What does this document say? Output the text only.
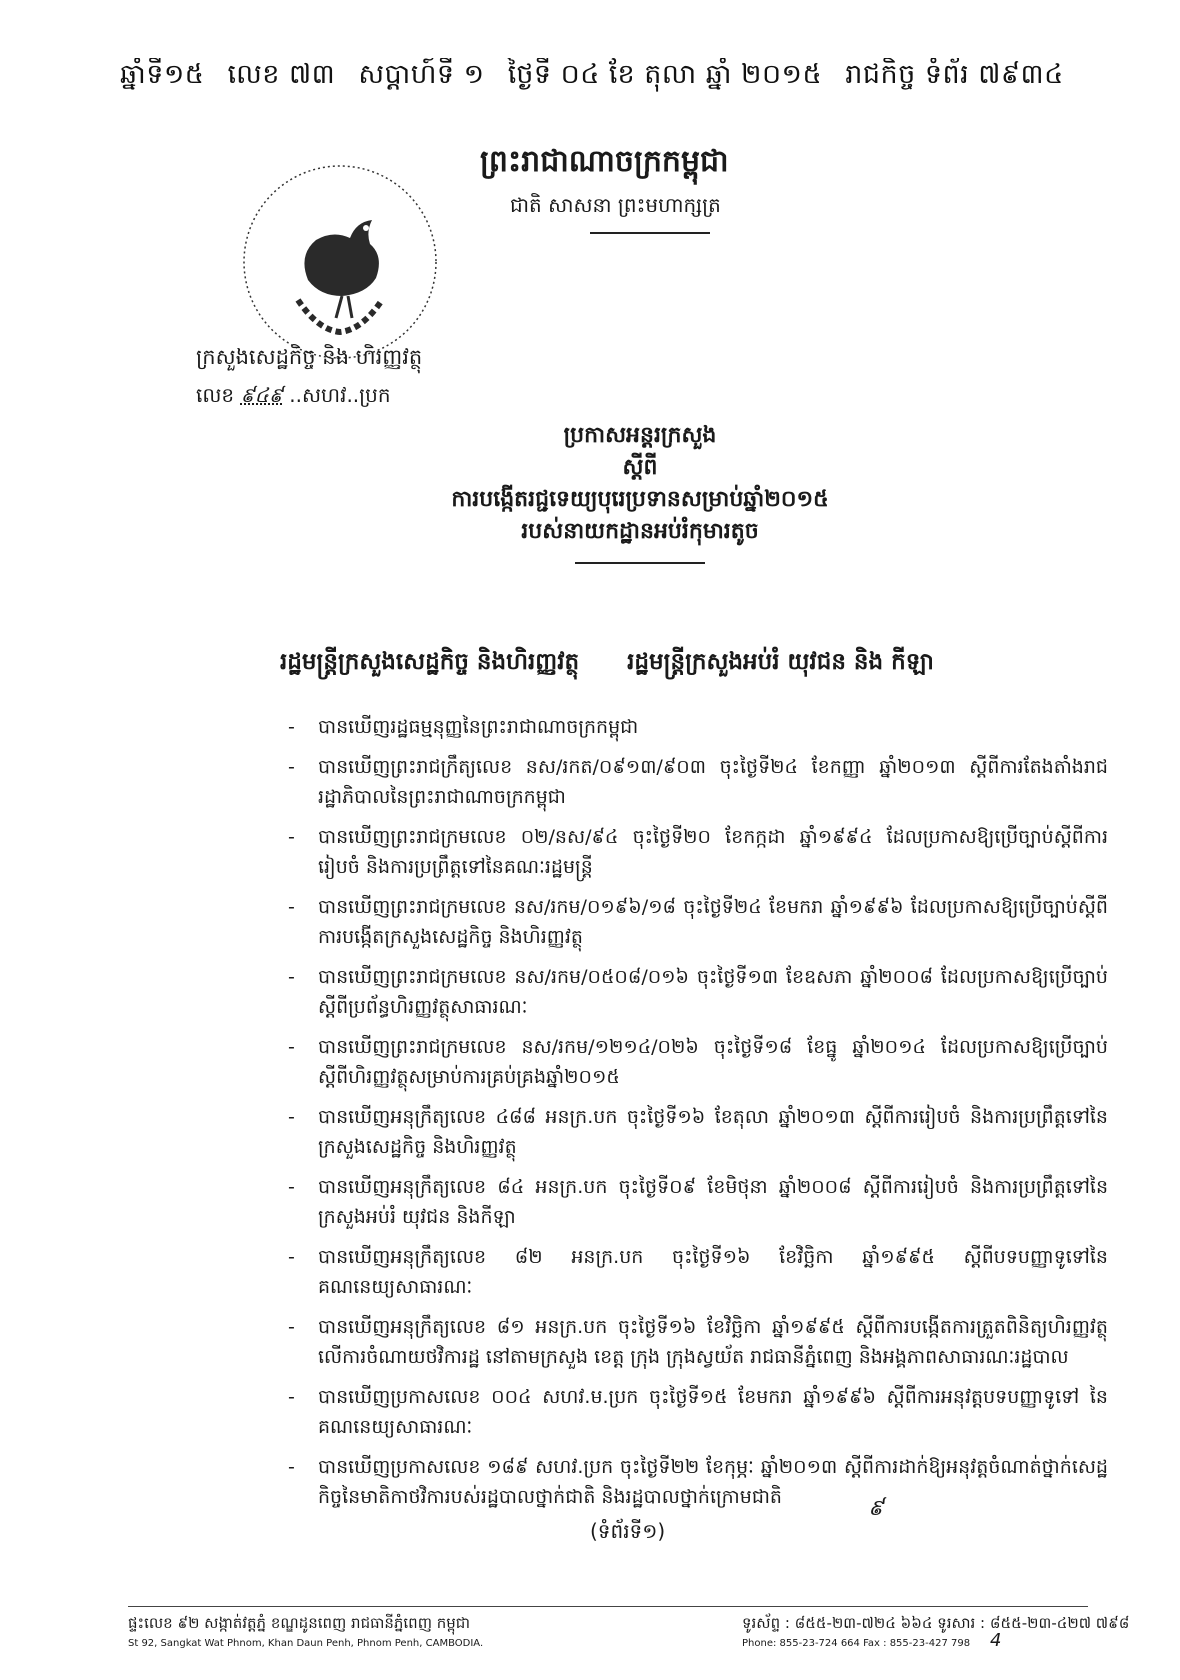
ឆ្នាំទី១៥ លេខ ៧៣ សប្តាហ៍ទី ១ ថ្ងៃទី ០៤ ខែ តុលា ឆ្នាំ ២០១៥ រាជកិច្ច ទំព័រ ៧៩៣៤
ព្រះរាជាណាចក្រកម្ពុជា
ជាតិ សាសនា ព្រះមហាក្សត្រ
ក្រសួងសេដ្ឋកិច្ច និង ហិរញ្ញវត្ថុ
លេខ ៩៤៩ ..សហវ..ប្រក
ប្រកាសអន្តរក្រសួង
ស្តីពី
ការបង្កើតរជ្ជទេយ្យបុរេប្រទានសម្រាប់ឆ្នាំ២០១៥
របស់នាយកដ្ឋានអប់រំកុមារតូច
រដ្ឋមន្ត្រីក្រសួងសេដ្ឋកិច្ច និងហិរញ្ញវត្ថុ រដ្ឋមន្ត្រីក្រសួងអប់រំ យុវជន និង កីឡា
- បានឃើញរដ្ឋធម្មនុញ្ញនៃព្រះរាជាណាចក្រកម្ពុជា
- បានឃើញព្រះរាជក្រឹត្យលេខ នស/រកត/០៩១៣/៩០៣ ចុះថ្ងៃទី២៤ ខែកញ្ញា ឆ្នាំ២០១៣ ស្តីពីការតែងតាំងរាជរដ្ឋាភិបាលនៃព្រះរាជាណាចក្រកម្ពុជា
- បានឃើញព្រះរាជក្រមលេខ ០២/នស/៩៤ ចុះថ្ងៃទី២០ ខែកក្កដា ឆ្នាំ១៩៩៤ ដែលប្រកាសឱ្យប្រើច្បាប់ស្តីពីការរៀបចំ និងការប្រព្រឹត្តទៅនៃគណៈរដ្ឋមន្ត្រី
- បានឃើញព្រះរាជក្រមលេខ នស/រកម/០១៩៦/១៨ ចុះថ្ងៃទី២៤ ខែមករា ឆ្នាំ១៩៩៦ ដែលប្រកាសឱ្យប្រើច្បាប់ស្តីពីការបង្កើតក្រសួងសេដ្ឋកិច្ច និងហិរញ្ញវត្ថុ
- បានឃើញព្រះរាជក្រមលេខ នស/រកម/០៥០៨/០១៦ ចុះថ្ងៃទី១៣ ខែឧសភា ឆ្នាំ២០០៨ ដែលប្រកាសឱ្យប្រើច្បាប់ស្តីពីប្រព័ន្ធហិរញ្ញវត្ថុសាធារណៈ
- បានឃើញព្រះរាជក្រមលេខ នស/រកម/១២១៤/០២៦ ចុះថ្ងៃទី១៨ ខែធ្នូ ឆ្នាំ២០១៤ ដែលប្រកាសឱ្យប្រើច្បាប់ស្តីពីហិរញ្ញវត្ថុសម្រាប់ការគ្រប់គ្រងឆ្នាំ២០១៥
- បានឃើញអនុក្រឹត្យលេខ ៤៨៨ អនក្រ.បក ចុះថ្ងៃទី១៦ ខែតុលា ឆ្នាំ២០១៣ ស្តីពីការរៀបចំ និងការប្រព្រឹត្តទៅនៃក្រសួងសេដ្ឋកិច្ច និងហិរញ្ញវត្ថុ
- បានឃើញអនុក្រឹត្យលេខ ៨៤ អនក្រ.បក ចុះថ្ងៃទី០៩ ខែមិថុនា ឆ្នាំ២០០៨ ស្តីពីការរៀបចំ និងការប្រព្រឹត្តទៅនៃក្រសួងអប់រំ យុវជន និងកីឡា
- បានឃើញអនុក្រឹត្យលេខ ៨២ អនក្រ.បក ចុះថ្ងៃទី១៦ ខែវិច្ឆិកា ឆ្នាំ១៩៩៥ ស្តីពីបទបញ្ញាទូទៅនៃគណនេយ្យសាធារណៈ
- បានឃើញអនុក្រឹត្យលេខ ៨១ អនក្រ.បក ចុះថ្ងៃទី១៦ ខែវិច្ឆិកា ឆ្នាំ១៩៩៥ ស្តីពីការបង្កើតការត្រួតពិនិត្យហិរញ្ញវត្ថុ លើការចំណាយថវិការដ្ឋ នៅតាមក្រសួង ខេត្ត ក្រុង ក្រុងស្វយ័ត រាជធានីភ្នំពេញ និងអង្គភាពសាធារណៈរដ្ឋបាល
- បានឃើញប្រកាសលេខ ០០៤ សហវ.ម.ប្រក ចុះថ្ងៃទី១៥ ខែមករា ឆ្នាំ១៩៩៦ ស្តីពីការអនុវត្តបទបញ្ញាទូទៅ នៃគណនេយ្យសាធារណៈ
- បានឃើញប្រកាសលេខ ១៨៩ សហវ.ប្រក ចុះថ្ងៃទី២២ ខែកុម្ភៈ ឆ្នាំ២០១៣ ស្តីពីការដាក់ឱ្យអនុវត្តចំណាត់ថ្នាក់សេដ្ឋកិច្ចនៃមាតិកាថវិការបស់រដ្ឋបាលថ្នាក់ជាតិ និងរដ្ឋបាលថ្នាក់ក្រោមជាតិ	៩
(ទំព័រទី១)
ផ្ទះលេខ ៩២ សង្កាត់វត្តភ្នំ ខណ្ឌដូនពេញ រាជធានីភ្នំពេញ កម្ពុជា
St 92, Sangkat Wat Phnom, Khan Daun Penh, Phnom Penh, CAMBODIA.
ទូរស័ព្ទ : ៨៥៥-២៣-៧២៤ ៦៦៤ ទូរសារ : ៨៥៥-២៣-៤២៧ ៧៩៨
Phone: 855-23-724 664 Fax : 855-23-427 798	4
